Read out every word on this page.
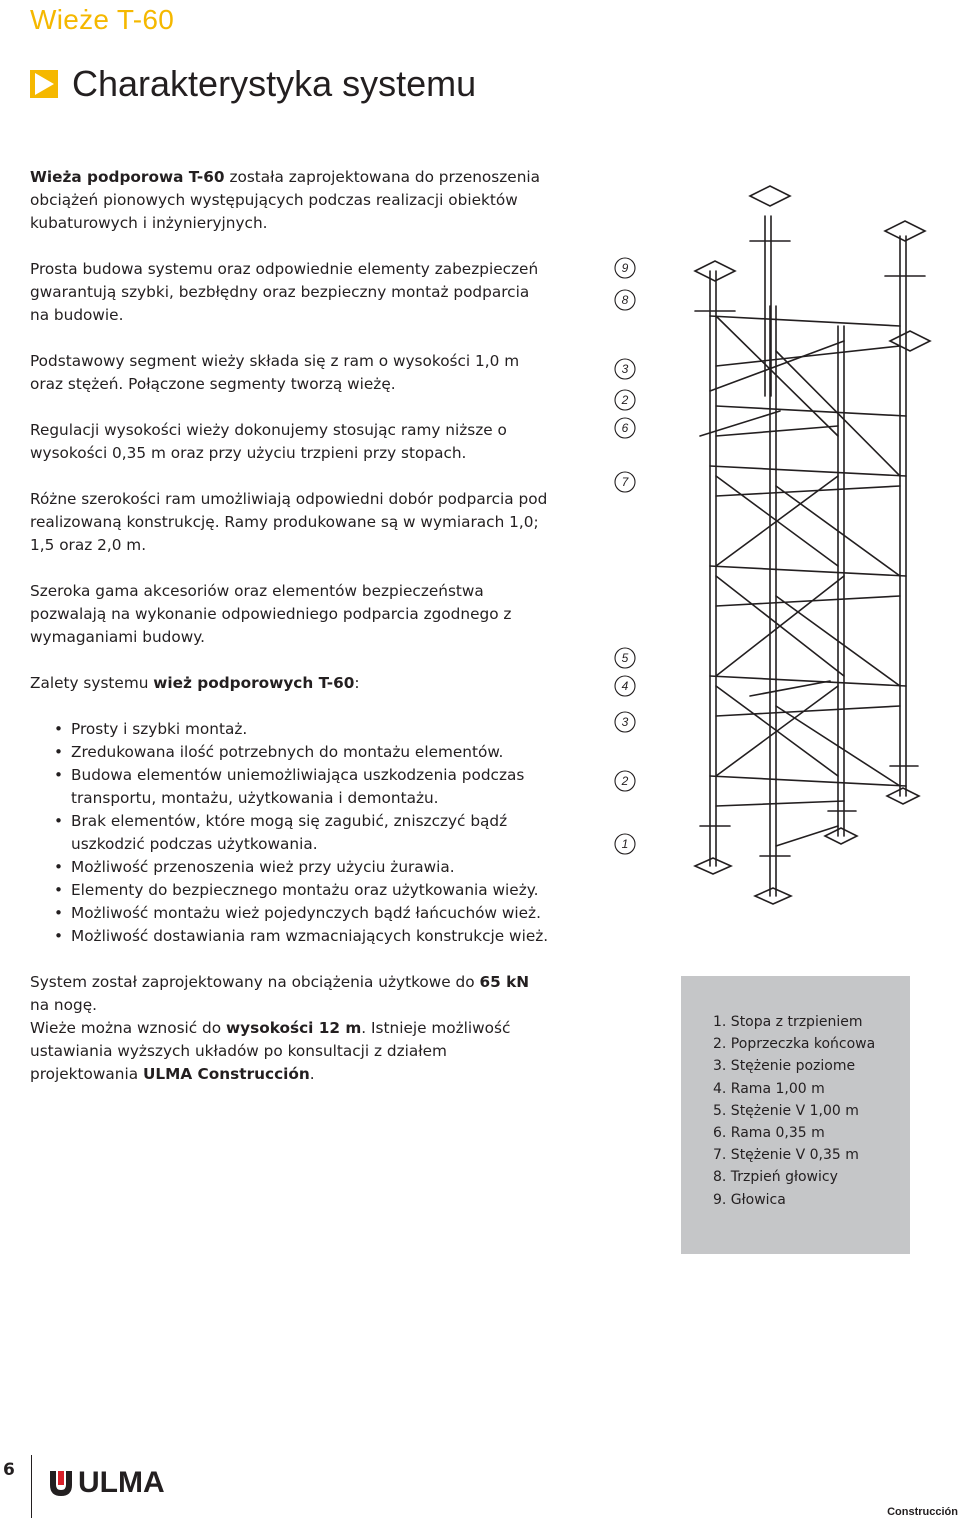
Wieże T-60
Charakterystyka systemu

Wieża podporowa T-60 została zaprojektowana do przenoszenia obciążeń pionowych występujących podczas realizacji obiektów kubaturowych i inżynieryjnych.

Prosta budowa systemu oraz odpowiednie elementy zabezpieczeń gwarantują szybki, bezbłędny oraz bezpieczny montaż podparcia na budowie.

Podstawowy segment wieży składa się z ram o wysokości 1,0 m oraz stężeń. Połączone segmenty tworzą wieżę.

Regulacji wysokości wieży dokonujemy stosując ramy niższe o wysokości 0,35 m oraz przy użyciu trzpieni przy stopach.

Różne szerokości ram umożliwiają odpowiedni dobór podparcia pod realizowaną konstrukcję. Ramy produkowane są w wymiarach 1,0; 1,5 oraz 2,0 m.

Szeroka gama akcesoriów oraz elementów bezpieczeństwa pozwalają na wykonanie odpowiedniego podparcia zgodnego z wymaganiami budowy.

Zalety systemu wież podporowych T-60:

• Prosty i szybki montaż.
• Zredukowana ilość potrzebnych do montażu elementów.
• Budowa elementów uniemożliwiająca uszkodzenia podczas transportu, montażu, użytkowania i demontażu.
• Brak elementów, które mogą się zagubić, zniszczyć bądź uszkodzić podczas użytkowania.
• Możliwość przenoszenia wież przy użyciu żurawia.
• Elementy do bezpiecznego montażu oraz użytkowania wieży.
• Możliwość montażu wież pojedynczych bądź łańcuchów wież.
• Możliwość dostawiania ram wzmacniających konstrukcje wież.

System został zaprojektowany na obciążenia użytkowe do 65 kN na nogę.
Wieże można wznosić do wysokości 12 m. Istnieje możliwość ustawiania wyższych układów po konsultacji z działem projektowania ULMA Construcción.

9
8
3
2
6
7
5
4
3
2
1
1. Stopa z trzpieniem
2. Poprzeczka końcowa
3. Stężenie poziome
4. Rama 1,00 m
5. Stężenie V 1,00 m
6. Rama 0,35 m
7. Stężenie V 0,35 m
8. Trzpień głowicy
9. Głowica
6 ULMA
Construcción
